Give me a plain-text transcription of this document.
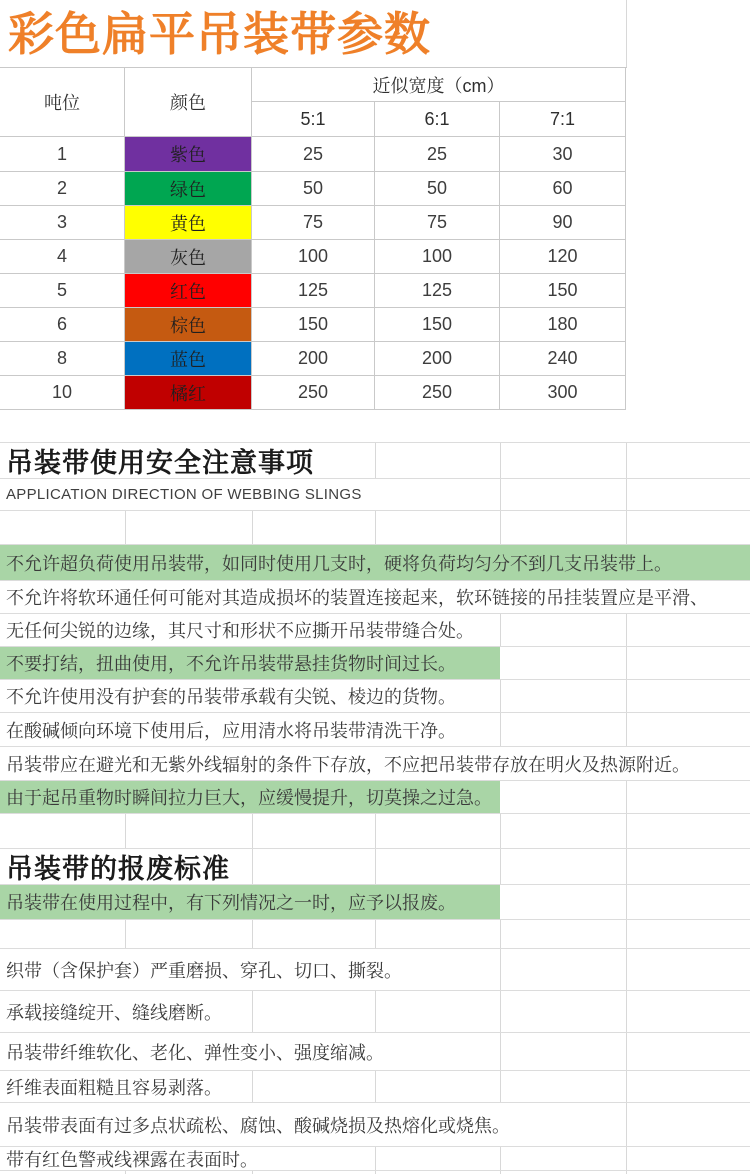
彩色扁平吊装带参数
吨位	颜色
近似宽度（cm）
5:1	6:1	7:1
1	紫色	25	25	30
2	绿色	50	50	60
3	黄色	75	75	90
4	灰色	100	100	120
5	红色	125	125	150
6	棕色	150	150	180
8	蓝色	200	200	240
10	橘红	250	250	300
吊装带使用安全注意事项
APPLICATION DIRECTION OF WEBBING SLINGS
不允许超负荷使用吊装带，如同时使用几支时，硬将负荷均匀分不到几支吊装带上。
不允许将软环通任何可能对其造成损坏的装置连接起来，软环链接的吊挂装置应是平滑、
无任何尖锐的边缘，其尺寸和形状不应撕开吊装带缝合处。
不要打结，扭曲使用，不允许吊装带悬挂货物时间过长。
不允许使用没有护套的吊装带承载有尖锐、棱边的货物。
在酸碱倾向环境下使用后，应用清水将吊装带清洗干净。
吊装带应在避光和无紫外线辐射的条件下存放，不应把吊装带存放在明火及热源附近。
由于起吊重物时瞬间拉力巨大，应缓慢提升，切莫操之过急。
吊装带的报废标准
吊装带在使用过程中，有下列情况之一时，应予以报废。
织带（含保护套）严重磨损、穿孔、切口、撕裂。
承载接缝绽开、缝线磨断。
吊装带纤维软化、老化、弹性变小、强度缩减。
纤维表面粗糙且容易剥落。
吊装带表面有过多点状疏松、腐蚀、酸碱烧损及热熔化或烧焦。
带有红色警戒线裸露在表面时。
